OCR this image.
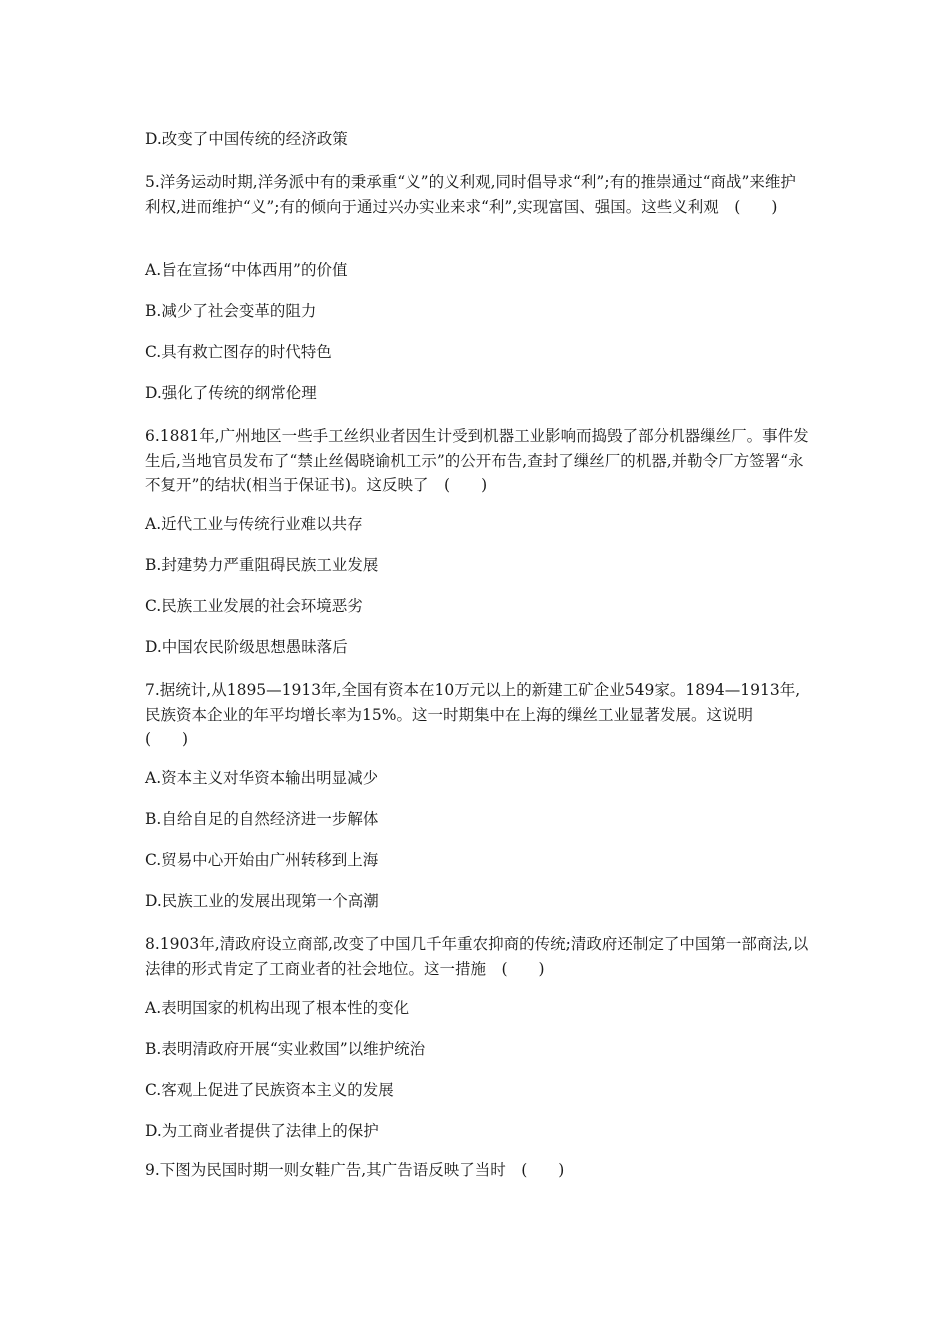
D.改变了中国传统的经济政策

5.洋务运动时期,洋务派中有的秉承重“义”的义利观,同时倡导求“利”;有的推崇通过“商战”来维护利权,进而维护“义”;有的倾向于通过兴办实业来求“利”,实现富国、强国。这些义利观　(　　)

A.旨在宣扬“中体西用”的价值

B.减少了社会变革的阻力

C.具有救亡图存的时代特色

D.强化了传统的纲常伦理

6.1881年,广州地区一些手工丝织业者因生计受到机器工业影响而捣毁了部分机器缫丝厂。事件发生后,当地官员发布了“禁止丝偈晓谕机工示”的公开布告,查封了缫丝厂的机器,并勒令厂方签署“永不复开”的结状(相当于保证书)。这反映了　(　　)

A.近代工业与传统行业难以共存

B.封建势力严重阻碍民族工业发展

C.民族工业发展的社会环境恶劣

D.中国农民阶级思想愚昧落后

7.据统计,从1895—1913年,全国有资本在10万元以上的新建工矿企业549家。1894—1913年,民族资本企业的年平均增长率为15%。这一时期集中在上海的缫丝工业显著发展。这说明　(　　)

A.资本主义对华资本输出明显减少

B.自给自足的自然经济进一步解体

C.贸易中心开始由广州转移到上海

D.民族工业的发展出现第一个高潮

8.1903年,清政府设立商部,改变了中国几千年重农抑商的传统;清政府还制定了中国第一部商法,以法律的形式肯定了工商业者的社会地位。这一措施　(　　)

A.表明国家的机构出现了根本性的变化

B.表明清政府开展“实业救国”以维护统治

C.客观上促进了民族资本主义的发展

D.为工商业者提供了法律上的保护

9.下图为民国时期一则女鞋广告,其广告语反映了当时　(　　)
